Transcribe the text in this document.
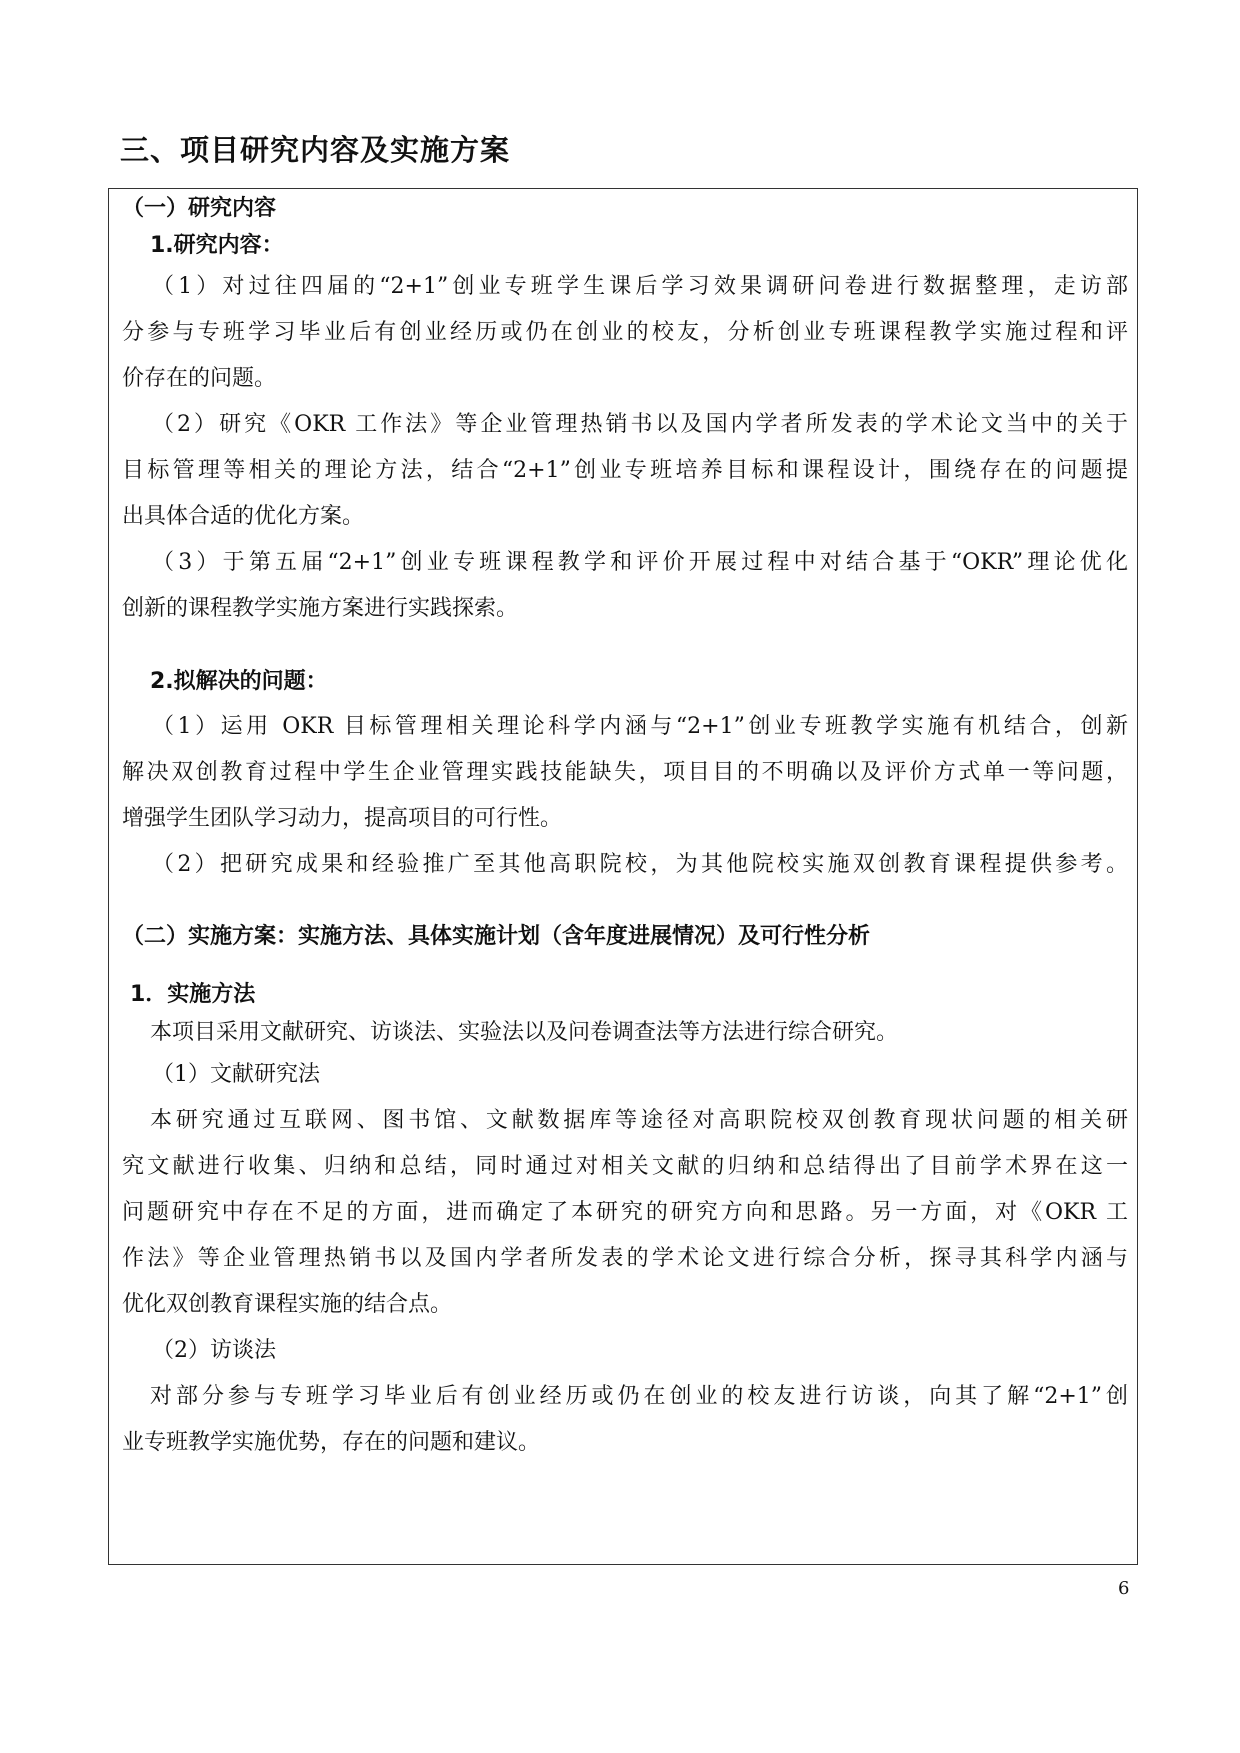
三、项目研究内容及实施方案
（一）研究内容
1.研究内容：
（1）对过往四届的“2+1”创业专班学生课后学习效果调研问卷进行数据整理，走访部
分参与专班学习毕业后有创业经历或仍在创业的校友，分析创业专班课程教学实施过程和评
价存在的问题。
（2）研究《OKR 工作法》等企业管理热销书以及国内学者所发表的学术论文当中的关于
目标管理等相关的理论方法，结合“2+1”创业专班培养目标和课程设计，围绕存在的问题提
出具体合适的优化方案。
（3）于第五届“2+1”创业专班课程教学和评价开展过程中对结合基于“OKR”理论优化
创新的课程教学实施方案进行实践探索。
2.拟解决的问题：
（1）运用 OKR 目标管理相关理论科学内涵与“2+1”创业专班教学实施有机结合，创新
解决双创教育过程中学生企业管理实践技能缺失，项目目的不明确以及评价方式单一等问题，
增强学生团队学习动力，提高项目的可行性。
（2）把研究成果和经验推广至其他高职院校，为其他院校实施双创教育课程提供参考。
（二）实施方案：实施方法、具体实施计划（含年度进展情况）及可行性分析
1．实施方法
本项目采用文献研究、访谈法、实验法以及问卷调查法等方法进行综合研究。
（1）文献研究法
本研究通过互联网、图书馆、文献数据库等途径对高职院校双创教育现状问题的相关研
究文献进行收集、归纳和总结，同时通过对相关文献的归纳和总结得出了目前学术界在这一
问题研究中存在不足的方面，进而确定了本研究的研究方向和思路。另一方面，对《OKR 工
作法》等企业管理热销书以及国内学者所发表的学术论文进行综合分析，探寻其科学内涵与
优化双创教育课程实施的结合点。
（2）访谈法
对部分参与专班学习毕业后有创业经历或仍在创业的校友进行访谈，向其了解“2+1”创
业专班教学实施优势，存在的问题和建议。
6
